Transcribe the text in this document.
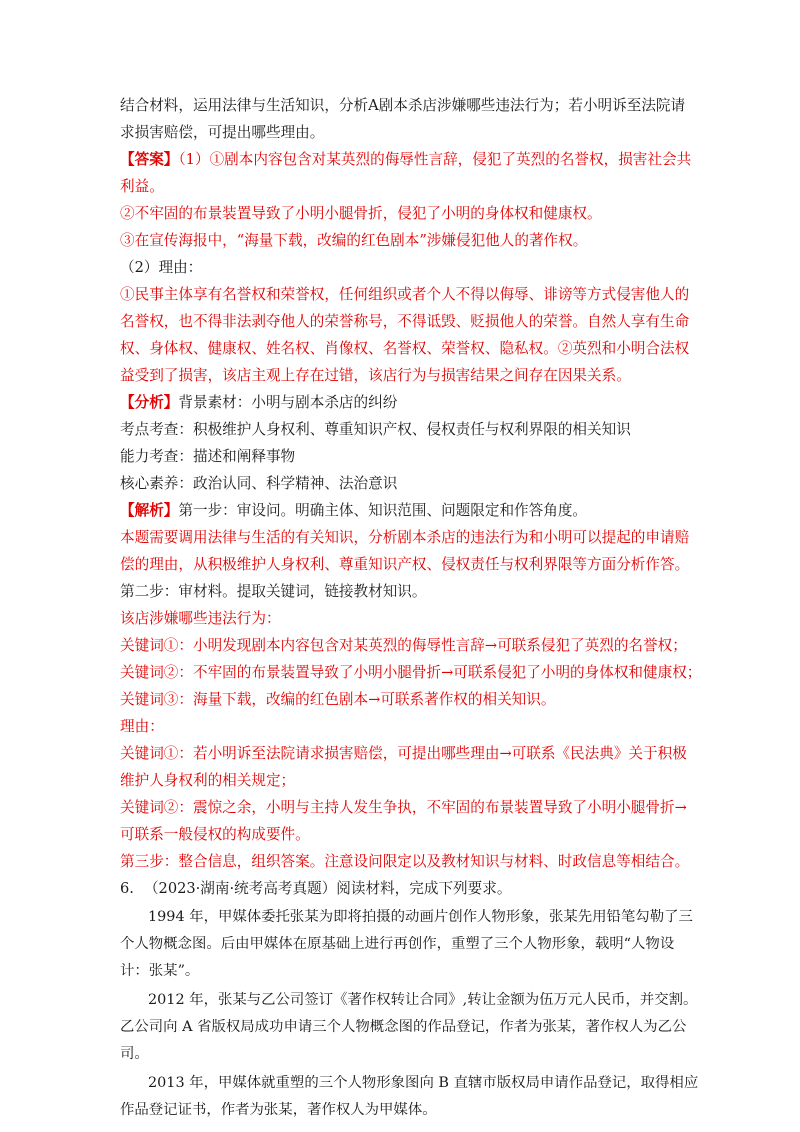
结合材料，运用法律与生活知识，分析A剧本杀店涉嫌哪些违法行为；若小明诉至法院请

求损害赔偿，可提出哪些理由。

【答案】（1）①剧本内容包含对某英烈的侮辱性言辞，侵犯了英烈的名誉权，损害社会共

利益。

②不牢固的布景装置导致了小明小腿骨折，侵犯了小明的身体权和健康权。

③在宣传海报中，“海量下载，改编的红色剧本”涉嫌侵犯他人的著作权。

（2）理由：

①民事主体享有名誉权和荣誉权，任何组织或者个人不得以侮辱、诽谤等方式侵害他人的

名誉权，也不得非法剥夺他人的荣誉称号，不得诋毁、贬损他人的荣誉。自然人享有生命

权、身体权、健康权、姓名权、肖像权、名誉权、荣誉权、隐私权。②英烈和小明合法权

益受到了损害，该店主观上存在过错，该店行为与损害结果之间存在因果关系。

【分析】背景素材：小明与剧本杀店的纠纷

考点考查：积极维护人身权利、尊重知识产权、侵权责任与权利界限的相关知识

能力考查：描述和阐释事物

核心素养：政治认同、科学精神、法治意识

【解析】第一步：审设问。明确主体、知识范围、问题限定和作答角度。

本题需要调用法律与生活的有关知识，分析剧本杀店的违法行为和小明可以提起的申请赔

偿的理由，从积极维护人身权利、尊重知识产权、侵权责任与权利界限等方面分析作答。

第二步：审材料。提取关键词，链接教材知识。

该店涉嫌哪些违法行为：

关键词①：小明发现剧本内容包含对某英烈的侮辱性言辞→可联系侵犯了英烈的名誉权；

关键词②：不牢固的布景装置导致了小明小腿骨折→可联系侵犯了小明的身体权和健康权；

关键词③：海量下载，改编的红色剧本→可联系著作权的相关知识。

理由：

关键词①：若小明诉至法院请求损害赔偿，可提出哪些理由→可联系《民法典》关于积极

维护人身权利的相关规定；

关键词②：震惊之余，小明与主持人发生争执，不牢固的布景装置导致了小明小腿骨折→

可联系一般侵权的构成要件。

第三步：整合信息，组织答案。注意设问限定以及教材知识与材料、时政信息等相结合。

6. （2023·湖南·统考高考真题）阅读材料，完成下列要求。

1994 年，甲媒体委托张某为即将拍摄的动画片创作人物形象，张某先用铅笔勾勒了三

个人物概念图。后由甲媒体在原基础上进行再创作，重塑了三个人物形象，载明“人物设

计：张某”。

2012 年，张某与乙公司签订《著作权转让合同》,转让金额为伍万元人民币，并交割。

乙公司向 A 省版权局成功申请三个人物概念图的作品登记，作者为张某，著作权人为乙公

司。

2013 年，甲媒体就重塑的三个人物形象图向 B 直辖市版权局申请作品登记，取得相应

作品登记证书，作者为张某，著作权人为甲媒体。
